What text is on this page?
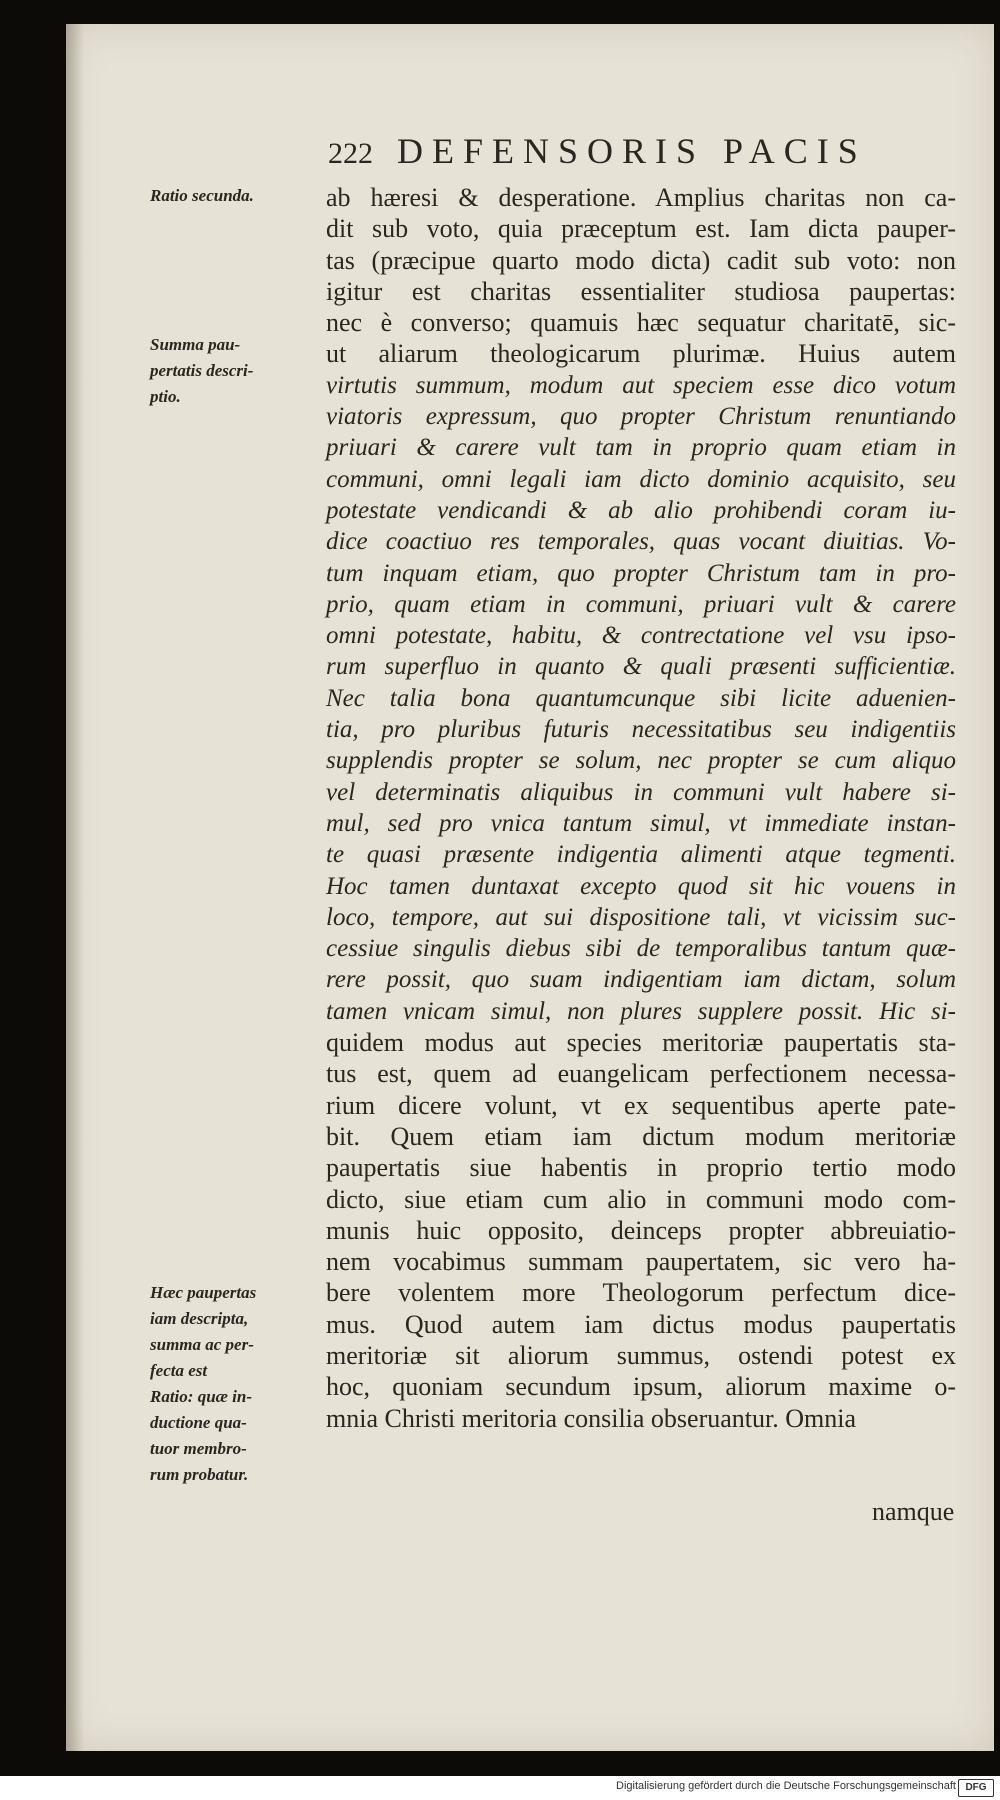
222 DEFENSORIS PACIS
Ratio secunda.
Summa pau-
pertatis descri-
ptio.
Hæc paupertas
iam descripta,
summa ac per-
fecta est
Ratio: quæ in-
ductione qua-
tuor membro-
rum probatur.
ab hæresi & desperatione. Amplius charitas non ca-
dit sub voto, quia præceptum est. Iam dicta pauper-
tas (præcipue quarto modo dicta) cadit sub voto: non
igitur est charitas essentialiter studiosa paupertas:
nec è converso; quamuis hæc sequatur charitatē, sic-
ut aliarum theologicarum plurimæ. Huius autem
virtutis summum, modum aut speciem esse dico votum
viatoris expressum, quo propter Christum renuntiando
priuari & carere vult tam in proprio quam etiam in
communi, omni legali iam dicto dominio acquisito, seu
potestate vendicandi & ab alio prohibendi coram iu-
dice coactiuo res temporales, quas vocant diuitias. Vo-
tum inquam etiam, quo propter Christum tam in pro-
prio, quam etiam in communi, priuari vult & carere
omni potestate, habitu, & contrectatione vel vsu ipso-
rum superfluo in quanto & quali præsenti sufficientiæ.
Nec talia bona quantumcunque sibi licite aduenien-
tia, pro pluribus futuris necessitatibus seu indigentiis
supplendis propter se solum, nec propter se cum aliquo
vel determinatis aliquibus in communi vult habere si-
mul, sed pro vnica tantum simul, vt immediate instan-
te quasi præsente indigentia alimenti atque tegmenti.
Hoc tamen duntaxat excepto quod sit hic vouens in
loco, tempore, aut sui dispositione tali, vt vicissim suc-
cessiue singulis diebus sibi de temporalibus tantum quæ-
rere possit, quo suam indigentiam iam dictam, solum
tamen vnicam simul, non plures supplere possit. Hic si-
quidem modus aut species meritoriæ paupertatis sta-
tus est, quem ad euangelicam perfectionem necessa-
rium dicere volunt, vt ex sequentibus aperte pate-
bit. Quem etiam iam dictum modum meritoriæ
paupertatis siue habentis in proprio tertio modo
dicto, siue etiam cum alio in communi modo com-
munis huic opposito, deinceps propter abbreuiatio-
nem vocabimus summam paupertatem, sic vero ha-
bere volentem more Theologorum perfectum dice-
mus. Quod autem iam dictus modus paupertatis
meritoriæ sit aliorum summus, ostendi potest ex
hoc, quoniam secundum ipsum, aliorum maxime o-
mnia Christi meritoria consilia obseruantur. Omnia
namque
Digitalisierung gefördert durch die Deutsche Forschungsgemeinschaft DFG
